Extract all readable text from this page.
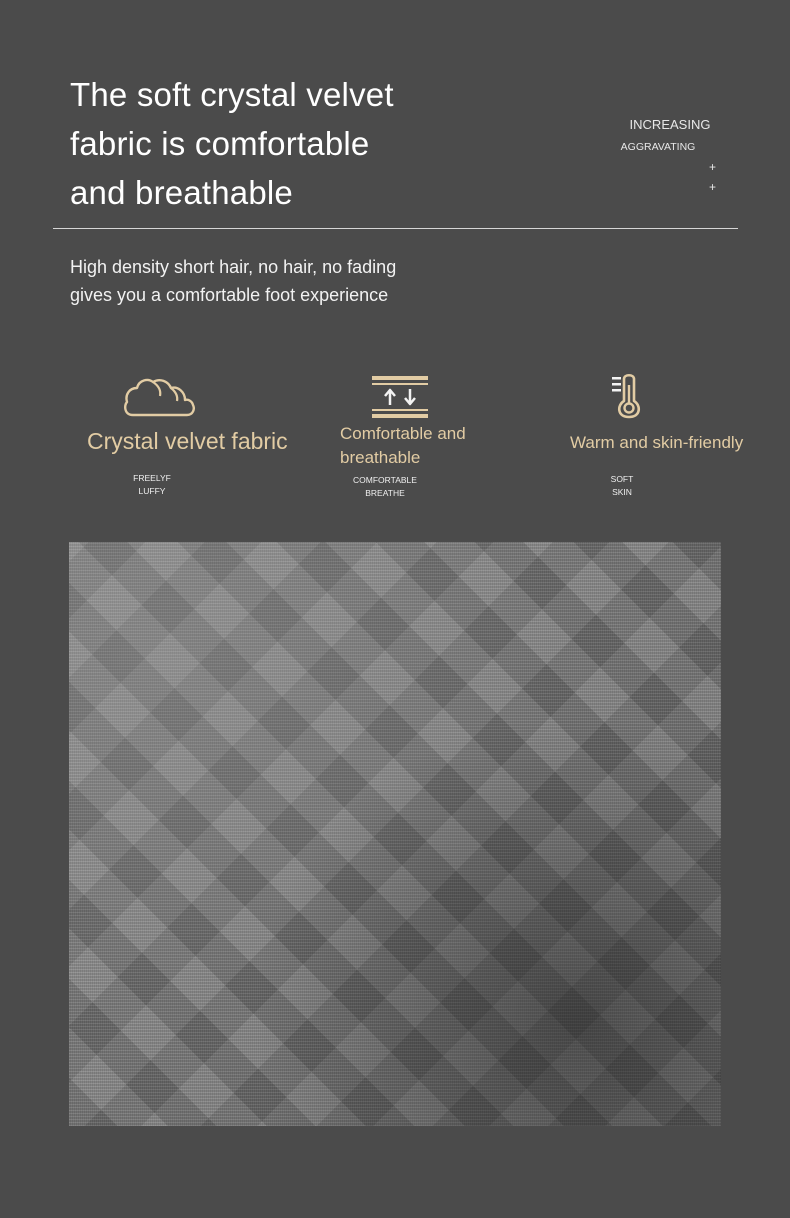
The soft crystal velvet
fabric is comfortable
and breathable
INCREASING
AGGRAVATING
+
+
High density short hair, no hair, no fading
gives you a comfortable foot experience
Crystal velvet fabric
FREELYF
LUFFY
Comfortable and
breathable
COMFORTABLE
BREATHE
Warm and skin-friendly
SOFT
SKIN
